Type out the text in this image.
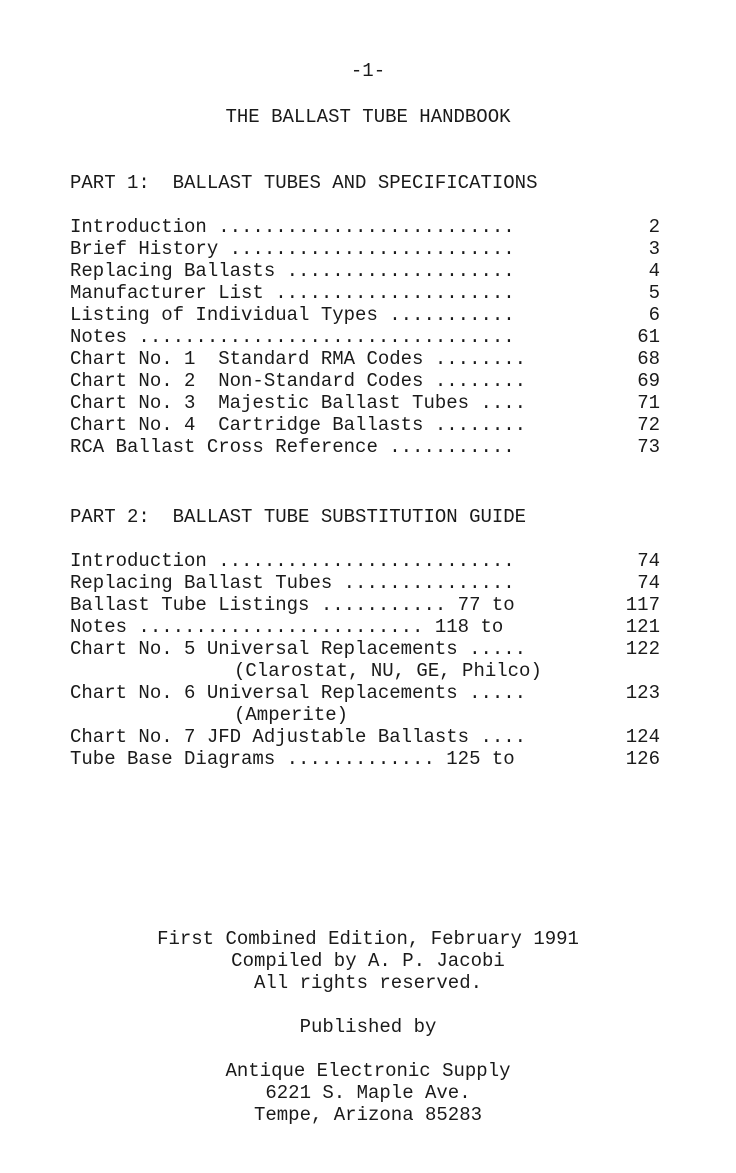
-1-
THE BALLAST TUBE HANDBOOK
PART 1:  BALLAST TUBES AND SPECIFICATIONS
Introduction ..........................	2
Brief History .........................	3
Replacing Ballasts ....................	4
Manufacturer List .....................	5
Listing of Individual Types ...........	6
Notes .................................	61
Chart No. 1  Standard RMA Codes ........	68
Chart No. 2  Non-Standard Codes ........	69
Chart No. 3  Majestic Ballast Tubes ....	71
Chart No. 4  Cartridge Ballasts ........	72
RCA Ballast Cross Reference ...........	73
PART 2:  BALLAST TUBE SUBSTITUTION GUIDE
Introduction ..........................	74
Replacing Ballast Tubes ...............	74
Ballast Tube Listings ........... 77 to	117
Notes ......................... 118 to	121
Chart No. 5 Universal Replacements .....	122
(Clarostat, NU, GE, Philco)
Chart No. 6 Universal Replacements .....	123
(Amperite)
Chart No. 7 JFD Adjustable Ballasts ....	124
Tube Base Diagrams ............. 125 to	126
First Combined Edition, February 1991
Compiled by A. P. Jacobi
All rights reserved.
Published by
Antique Electronic Supply
6221 S. Maple Ave.
Tempe, Arizona 85283
